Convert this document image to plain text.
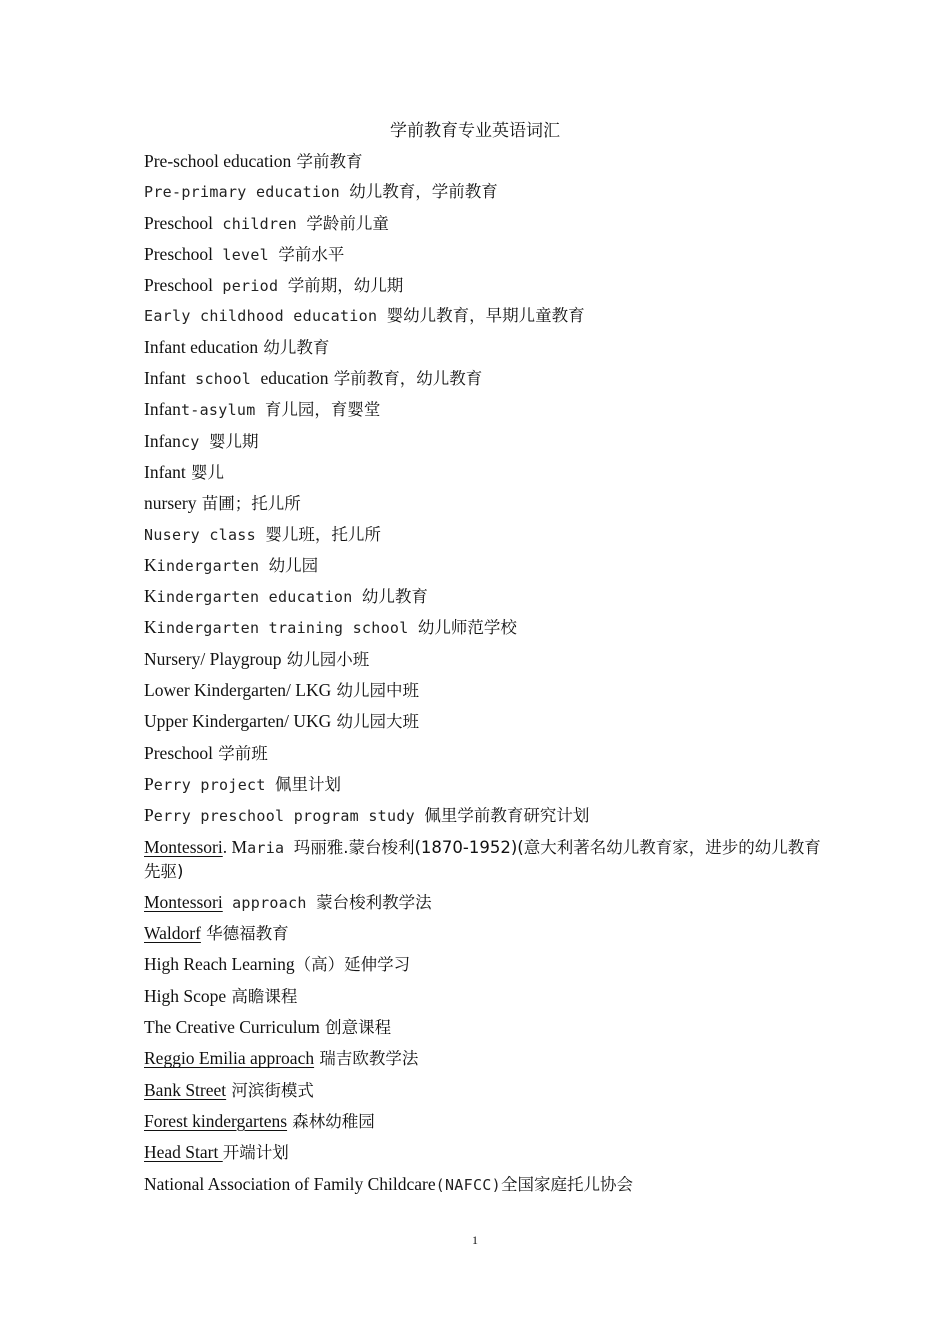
学前教育专业英语词汇
Pre-school education 学前教育
Pre-primary education 幼儿教育，学前教育
Preschool children 学龄前儿童
Preschool level 学前水平
Preschool period 学前期，幼儿期
Early childhood education 婴幼儿教育，早期儿童教育
Infant education 幼儿教育
Infant school education 学前教育，幼儿教育
Infant-asylum 育儿园，育婴堂
Infancy 婴儿期
Infant 婴儿
nursery 苗圃；托儿所
Nusery class 婴儿班，托儿所
Kindergarten 幼儿园
Kindergarten education 幼儿教育
Kindergarten training school 幼儿师范学校
Nursery/ Playgroup 幼儿园小班
Lower Kindergarten/ LKG 幼儿园中班
Upper Kindergarten/ UKG 幼儿园大班
Preschool 学前班
Perry project 佩里计划
Perry preschool program study 佩里学前教育研究计划
Montessori. Maria 玛丽雅.蒙台梭利(1870-1952)(意大利著名幼儿教育家，进步的幼儿教育先驱)
Montessori approach 蒙台梭利教学法
Waldorf 华德福教育
High Reach Learning（高）延伸学习
High Scope 高瞻课程
The Creative Curriculum 创意课程
Reggio Emilia approach 瑞吉欧教学法
Bank Street 河滨街模式
Forest kindergartens 森林幼稚园
Head Start 开端计划
National Association of Family Childcare(NAFCC)全国家庭托儿协会
1
